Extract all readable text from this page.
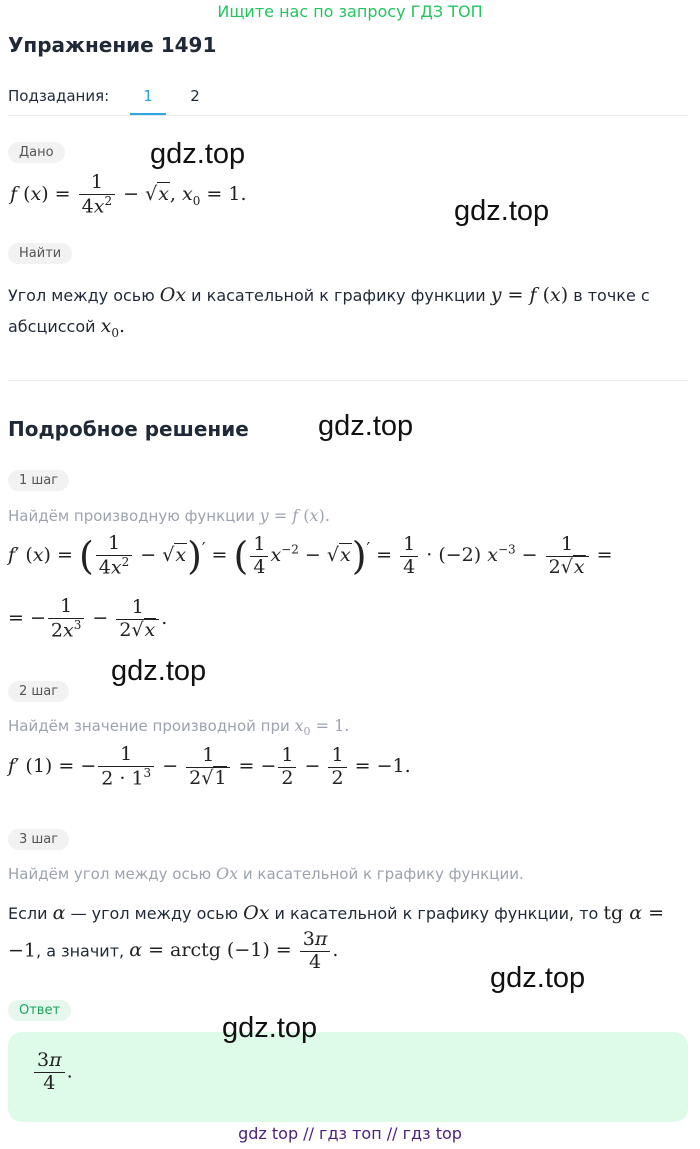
Ищите нас по запросу ГДЗ ТОП
Упражнение 1491
Подзадания:	1	2
Дано
f $(x) = \frac{1}{4x^2} - √x$, $x_0 = 1$.
Найти
Угол между осью Ox и касательной к графику функции y = f (x) в точке с
абсциссой $x_0$.
Подробное решение
1 шаг
Найдём производную функции y = f (x).
f′ (x) = ( $\frac{1}{4x^2} - √x)'$ = ( $\frac{1}{4} x^{-2} - √x)' = \frac{1}{4} \cdot (-2)$ $x^{-3} - \frac{1}{2√x}$ =
= − $\frac{1}{2x^3} - \frac{1}{2√x}$ .
2 шаг
Найдём значение производной при $x_0 = 1$.
f′ (1) = − $\frac{1}{2 \cdot 1^3} - \frac{1}{2√1}$ = − $\frac{1}{2} - \frac{1}{2} = -1$.
3 шаг
Найдём угол между осью Ox и касательной к графику функции.
Если α — угол между осью Ox и касательной к графику функции, то tg α =
−1, а значит, α = arctg $(-1) = \frac{3\pi}{4}$ .
Ответ
$\frac{3\pi}{4}$ .
gdz.top
gdz.top
gdz.top
gdz.top
gdz.top
gdz.top
gdz top // гдз топ // гдз top
